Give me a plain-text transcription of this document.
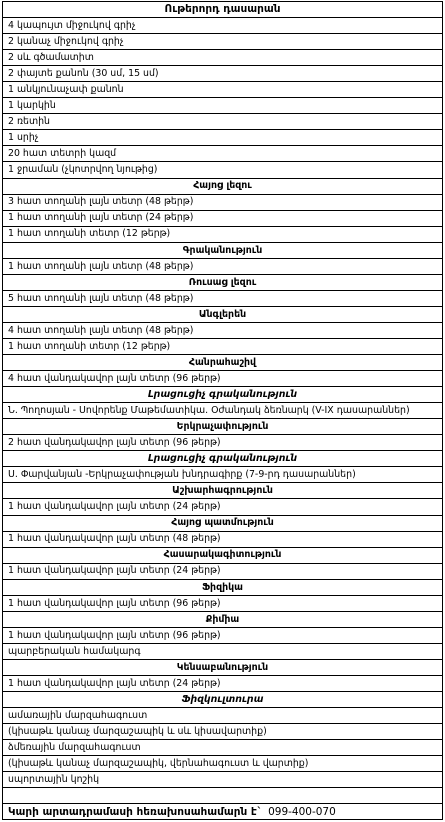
Ութերորդ դասարան
4 կապույտ միջուկով գրիչ
2 կանաչ միջուկով գրիչ
2 սև գծամատիտ
2 փայտե քանոն (30 սմ, 15 սմ)
1 անկյունաչափ քանոն
1 կարկին
2 ռետին
1 սրիչ
20 հատ տետրի կազմ
1 ջրաման (չկոտրվող նյութից)
Հայոց լեզու
3 հատ տողանի լայն տետր (48 թերթ)
1 հատ տողանի լայն տետր (24 թերթ)
1 հատ տողանի տետր (12 թերթ)
Գրականություն
1 հատ տողանի լայն տետր (48 թերթ)
Ռուսաց լեզու
5 հատ տողանի լայն տետր (48 թերթ)
Անգլերեն
4 հատ տողանի լայն տետր (48 թերթ)
1 հատ տողանի տետր (12 թերթ)
Հանրահաշիվ
4 հատ վանդակավոր լայն տետր (96 թերթ)
Լրացուցիչ գրականություն
Ն. Պողոսյան - Սովորենք Մաթեմատիկա. Օժանդակ ձեռնարկ (V-IX դասարաններ)
Երկրաչափություն
2 հատ վանդակավոր լայն տետր (96 թերթ)
Լրացուցիչ գրականություն
Ս. Փարվանյան -Երկրաչափության խնդրագիրք (7-9-րդ դասարաններ)
Աշխարհագրություն
1 հատ վանդակավոր լայն տետր (24 թերթ)
Հայոց պատմություն
1 հատ վանդակավոր լայն տետր (48 թերթ)
Հասարակագիտություն
1 հատ վանդակավոր լայն տետր (24 թերթ)
Ֆիզիկա
1 հատ վանդակավոր լայն տետր (96 թերթ)
Քիմիա
1 հատ վանդակավոր լայն տետր (96 թերթ)
պարբերական համակարգ
Կենսաբանություն
1 հատ վանդակավոր լայն տետր (24 թերթ)
Ֆիզկուլտուրա
ամառային մարզահագուստ
(կիսաթև կանաչ մարզաշապիկ և սև կիսավարտիք)
ձմեռային մարզահագուստ
(կիսաթև կանաչ մարզաշապիկ, վերնահագուստ և վարտիք)
սպորտային կոշիկ
Կարի արտադրամասի հեռախոսահամարն է` 099-400-070
